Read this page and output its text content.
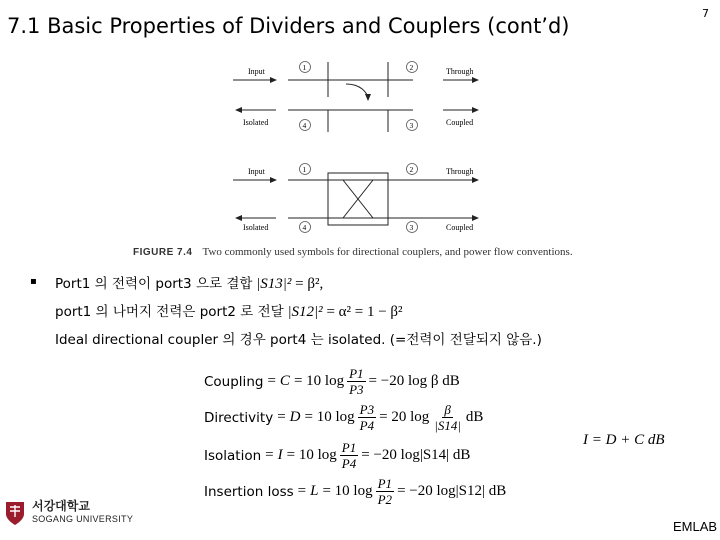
7.1 Basic Properties of Dividers and Couplers (cont’d)
7
Input	Through
Isolated	Coupled
1	2
4	3
Input	Through
Isolated	Coupled
1	2
4	3
FIGURE 7.4 Two commonly used symbols for directional couplers, and power flow conventions.
▪ Port1 의 전력이 port3 으로 결합 |S13|² = β²,
port1 의 나머지 전력은 port2 로 전달 |S12|² = α² = 1 − β²
Ideal directional coupler 의 경우 port4 는 isolated. (=전력이 전달되지 않음.)
Coupling = C = 10 $\log \frac{P1}{P3} = -20$ log β dB
Directivity = D = 10 $\log \frac{P3}{P4} = 20$ $\log \frac{\beta}{|S14|}$ dB
Isolation = I = 10 $\log \frac{P1}{P4} = -20$ log|S14| dB
Insertion loss = L = 10 $\log \frac{P1}{P2} = -20$ log|S12| dB
I = D + C dB
서강대학교
SOGANG UNIVERSITY	EMLAB
